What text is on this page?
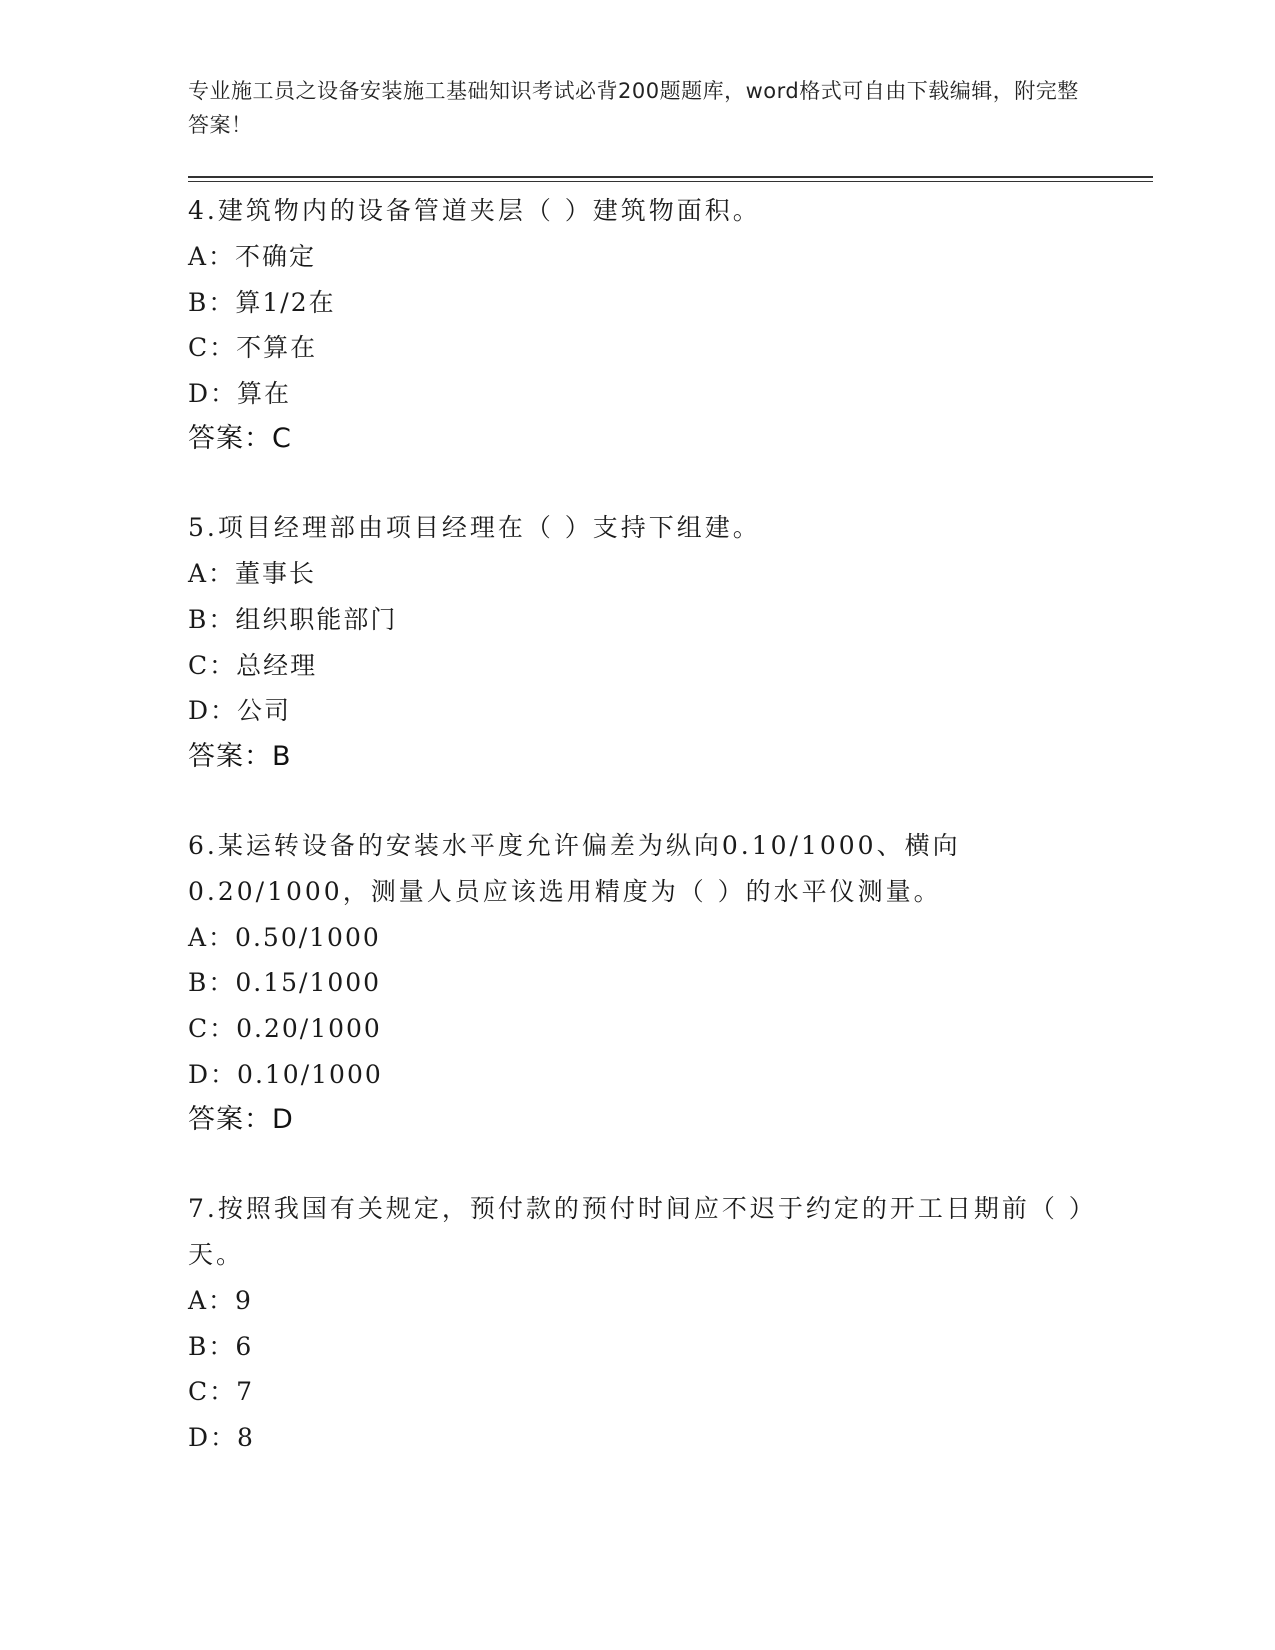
专业施工员之设备安装施工基础知识考试必背200题题库，word格式可自由下载编辑，附完整答案！
4.建筑物内的设备管道夹层（ ）建筑物面积。
A：不确定
B：算1/2在
C：不算在
D：算在
答案：C
5.项目经理部由项目经理在（ ）支持下组建。
A：董事长
B：组织职能部门
C：总经理
D：公司
答案：B
6.某运转设备的安装水平度允许偏差为纵向0.10/1000、横向0.20/1000，测量人员应该选用精度为（ ）的水平仪测量。
A：0.50/1000
B：0.15/1000
C：0.20/1000
D：0.10/1000
答案：D
7.按照我国有关规定，预付款的预付时间应不迟于约定的开工日期前（ ）天。
A：9
B：6
C：7
D：8
